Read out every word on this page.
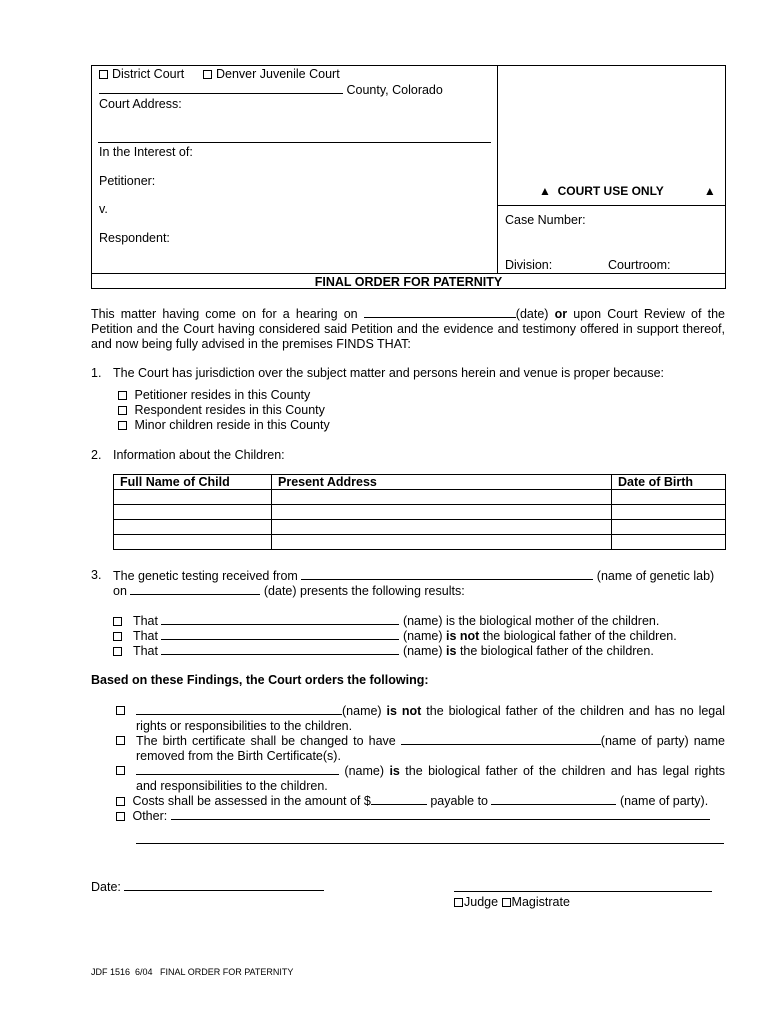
District Court	Denver Juvenile Court
County, Colorado
Court Address:
In the Interest of:
Petitioner:
v.
Respondent:
▲ COURT USE ONLY	▲
Case Number:
Division:	Courtroom:
FINAL ORDER FOR PATERNITY
This matter having come on for a hearing on	(date) or upon Court Review of the Petition and the Court having considered said Petition and the evidence and testimony offered in support thereof, and now being fully advised in the premises FINDS THAT:
1. The Court has jurisdiction over the subject matter and persons herein and venue is proper because:
Petitioner resides in this County
Respondent resides in this County
Minor children reside in this County
2. Information about the Children:
Full Name of Child	Present Address	Date of Birth

3. The genetic testing received from	(name of genetic lab)
on	(date) presents the following results:
That	(name) is the biological mother of the children.
That	(name) is not the biological father of the children.
That	(name) is the biological father of the children.
Based on these Findings, the Court orders the following:
(name) is not the biological father of the children and has no legal rights or responsibilities to the children.
The birth certificate shall be changed to have	(name of party) name removed from the Birth Certificate(s).
(name) is the biological father of the children and has legal rights and responsibilities to the children.
Costs shall be assessed in the amount of $	payable to	(name of party).
Other:
Date:
Judge Magistrate
JDF 1516  6/04   FINAL ORDER FOR PATERNITY
